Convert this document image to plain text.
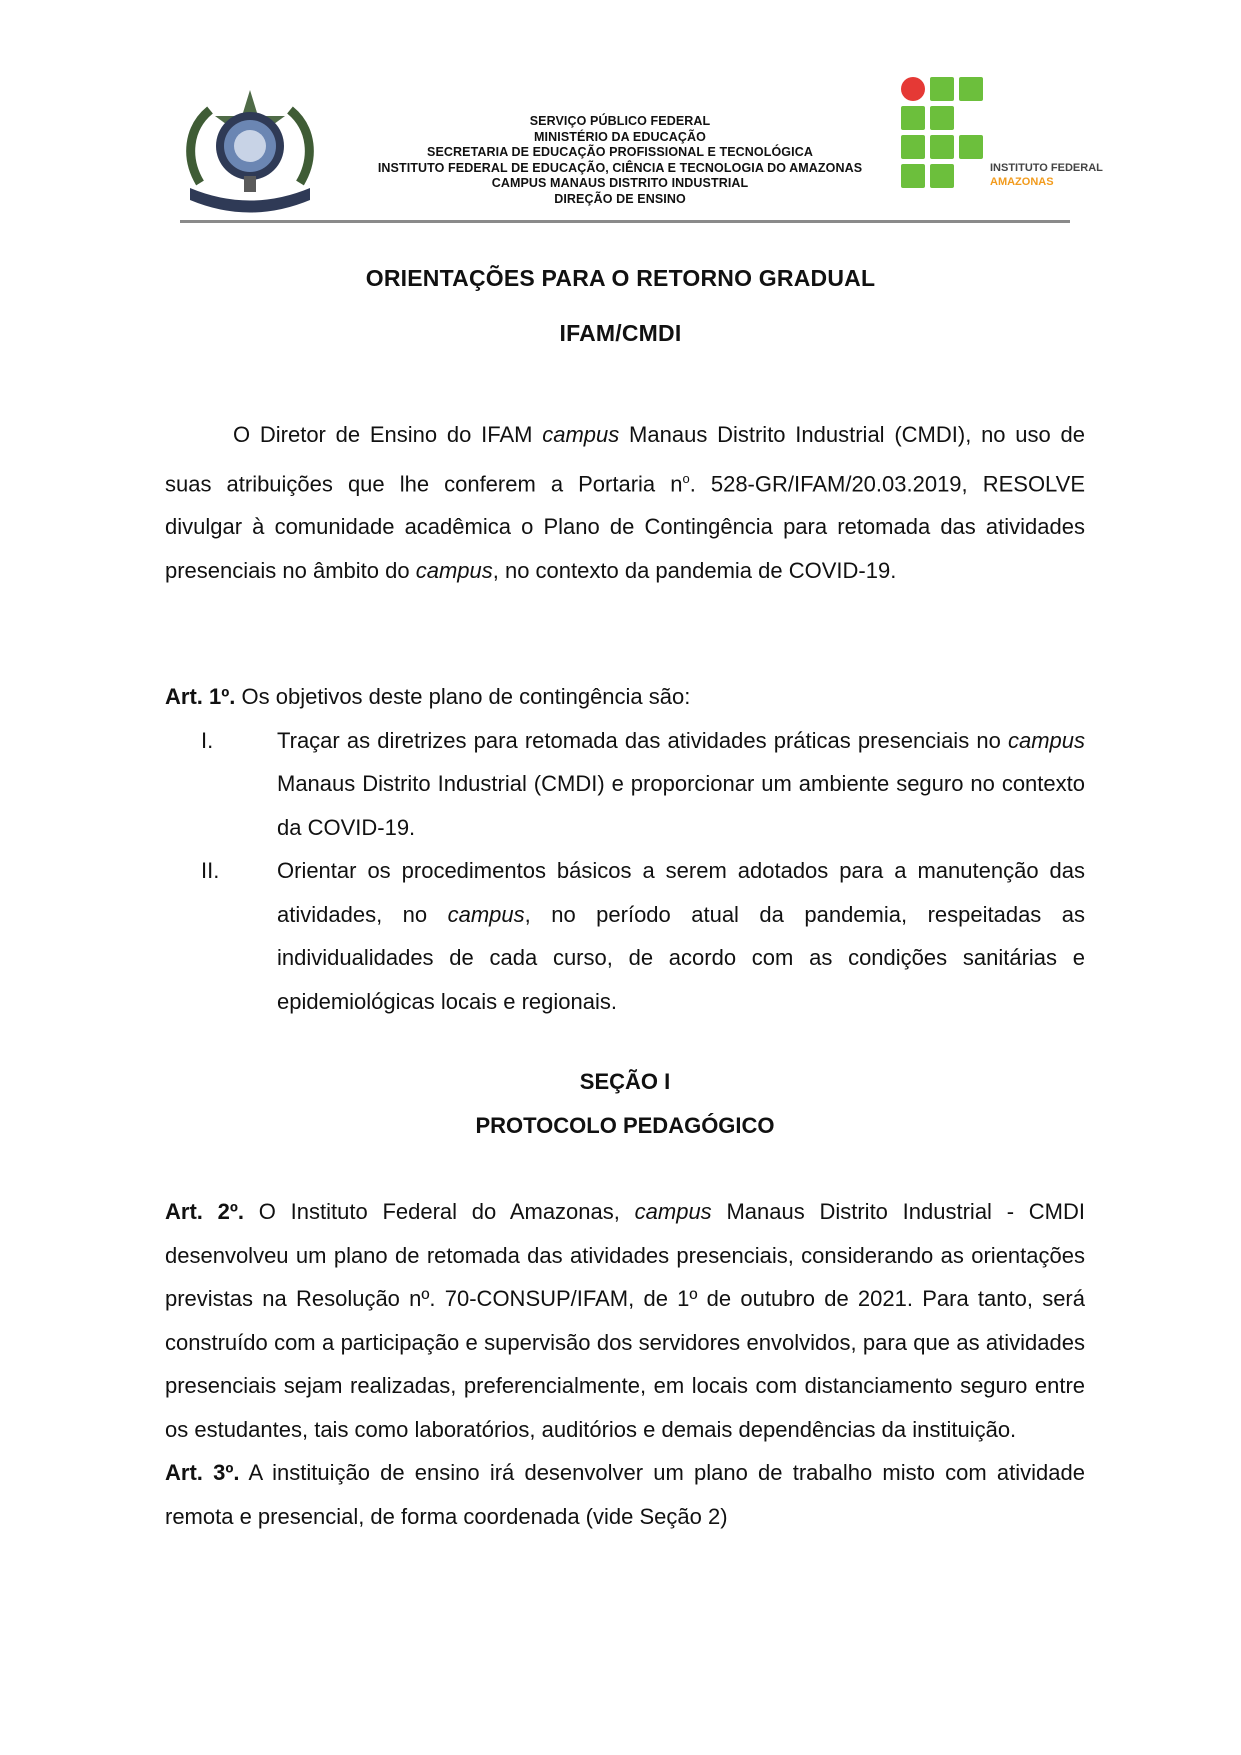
SERVIÇO PÚBLICO FEDERAL
MINISTÉRIO DA EDUCAÇÃO
SECRETARIA DE EDUCAÇÃO PROFISSIONAL E TECNOLÓGICA
INSTITUTO FEDERAL DE EDUCAÇÃO, CIÊNCIA E TECNOLOGIA DO AMAZONAS
CAMPUS MANAUS DISTRITO INDUSTRIAL
DIREÇÃO DE ENSINO
INSTITUTO FEDERAL
AMAZONAS
ORIENTAÇÕES PARA O RETORNO GRADUAL
IFAM/CMDI
O Diretor de Ensino do IFAM campus Manaus Distrito Industrial (CMDI), no uso de suas atribuições que lhe conferem a Portaria $n^o$. 528-GR/IFAM/20.03.2019, RESOLVE divulgar à comunidade acadêmica o Plano de Contingência para retomada das atividades presenciais no âmbito do campus, no contexto da pandemia de COVID-19.
Art. 1º. Os objetivos deste plano de contingência são:
I.	Traçar as diretrizes para retomada das atividades práticas presenciais no campus Manaus Distrito Industrial (CMDI) e proporcionar um ambiente seguro no contexto da COVID-19.
II.	Orientar os procedimentos básicos a serem adotados para a manutenção das atividades, no campus, no período atual da pandemia, respeitadas as individualidades de cada curso, de acordo com as condições sanitárias e epidemiológicas locais e regionais.
SEÇÃO I
PROTOCOLO PEDAGÓGICO
Art. 2º. O Instituto Federal do Amazonas, campus Manaus Distrito Industrial - CMDI desenvolveu um plano de retomada das atividades presenciais, considerando as orientações previstas na Resolução nº. 70-CONSUP/IFAM, de 1º de outubro de 2021. Para tanto, será construído com a participação e supervisão dos servidores envolvidos, para que as atividades presenciais sejam realizadas, preferencialmente, em locais com distanciamento seguro entre os estudantes, tais como laboratórios, auditórios e demais dependências da instituição.
Art. 3º. A instituição de ensino irá desenvolver um plano de trabalho misto com atividade remota e presencial, de forma coordenada (vide Seção 2)
